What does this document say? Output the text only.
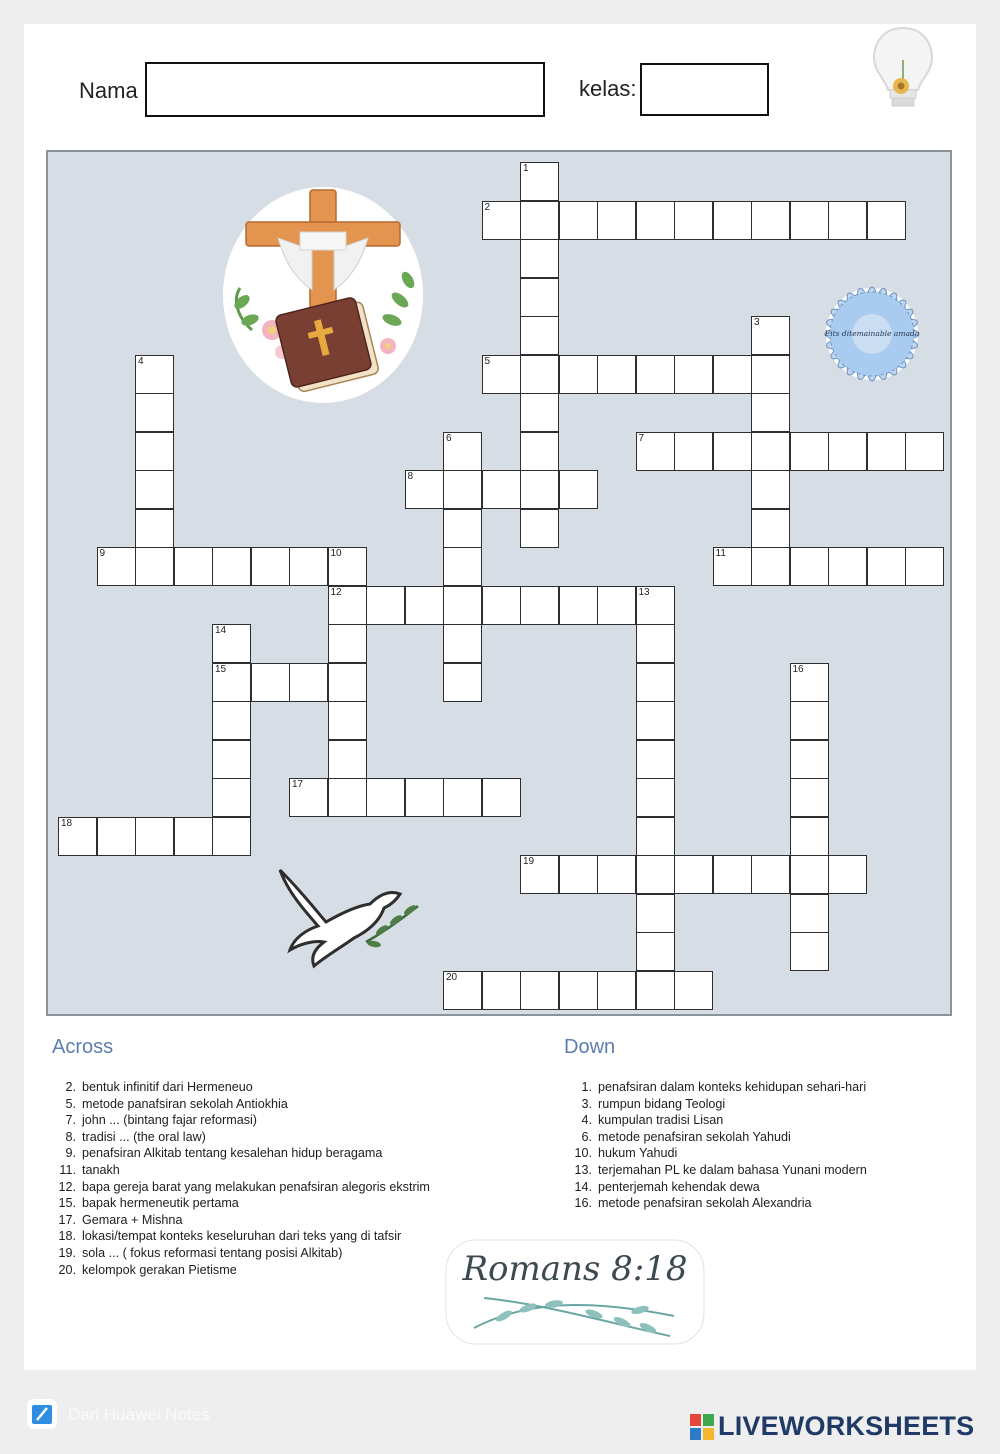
Nama	kelas:
1
2
3
4	5
6	7
8
9	10
12
11
13
14
15	16
17
18
19
20
Eits ditemainable amada
Across
2. bentuk infinitif dari Hermeneuo
5. metode panafsiran sekolah Antiokhia
7. john ... (bintang fajar reformasi)
8. tradisi ... (the oral law)
9. penafsiran Alkitab tentang kesalehan hidup beragama
11. tanakh
12. bapa gereja barat yang melakukan penafsiran alegoris ekstrim
15. bapak hermeneutik pertama
17. Gemara + Mishna
18. lokasi/tempat konteks keseluruhan dari teks yang di tafsir
19. sola ... ( fokus reformasi tentang posisi Alkitab)
20. kelompok gerakan Pietisme
Down
1. penafsiran dalam konteks kehidupan sehari-hari
3. rumpun bidang Teologi
4. kumpulan tradisi Lisan
6. metode penafsiran sekolah Yahudi
10. hukum Yahudi
13. terjemahan PL ke dalam bahasa Yunani modern
14. penterjemah kehendak dewa
16. metode penafsiran sekolah Alexandria
Romans 8:18
Dari Huawei Notes	LIVEWORKSHEETS
